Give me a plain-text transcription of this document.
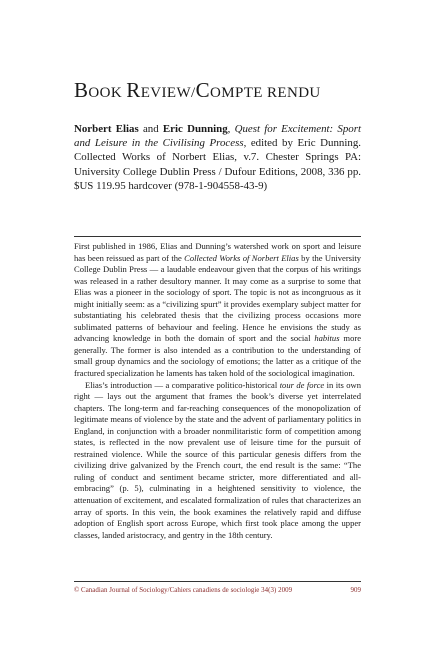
BOOK REVIEW/COMPTE RENDU
Norbert Elias and Eric Dunning, Quest for Excitement: Sport and Leisure in the Civilising Process, edited by Eric Dunning. Collected Works of Norbert Elias, v.7. Chester Springs PA: University College Dublin Press / Dufour Editions, 2008, 336 pp. $US 119.95 hardcover (978-1-904558-43-9)

First published in 1986, Elias and Dunning’s watershed work on sport and leisure has been reissued as part of the Collected Works of Norbert Elias by the University College Dublin Press — a laudable endeavour given that the corpus of his writings was released in a rather desultory manner. It may come as a surprise to some that Elias was a pioneer in the sociology of sport. The topic is not as incongruous as it might initially seem: as a “civilizing spurt” it provides exemplary subject matter for substantiating his celebrated thesis that the civilizing process occasions more sublimated patterns of behaviour and feeling. Hence he envisions the study as advancing knowledge in both the domain of sport and the social habitus more generally. The former is also intended as a contribution to the understanding of small group dynamics and the sociology of emotions; the latter as a critique of the fractured specialization he laments has taken hold of the sociological imagination.

Elias’s introduction — a comparative politico-historical tour de force in its own right — lays out the argument that frames the book’s diverse yet interrelated chapters. The long-term and far-reaching consequences of the monopolization of legitimate means of violence by the state and the advent of parliamentary politics in England, in conjunction with a broader nonmilitaristic form of competition among states, is reflected in the now prevalent use of leisure time for the pursuit of restrained violence. While the source of this particular genesis differs from the civilizing drive galvanized by the French court, the end result is the same: “The ruling of conduct and sentiment became stricter, more differentiated and all-embracing” (p. 5), culminating in a heightened sensitivity to violence, the attenuation of excitement, and escalated formalization of rules that characterizes an array of sports. In this vein, the book examines the relatively rapid and diffuse adoption of English sport across Europe, which first took place among the upper classes, landed aristocracy, and gentry in the 18th century.

© Canadian Journal of Sociology/Cahiers canadiens de sociologie 34(3) 2009	909
